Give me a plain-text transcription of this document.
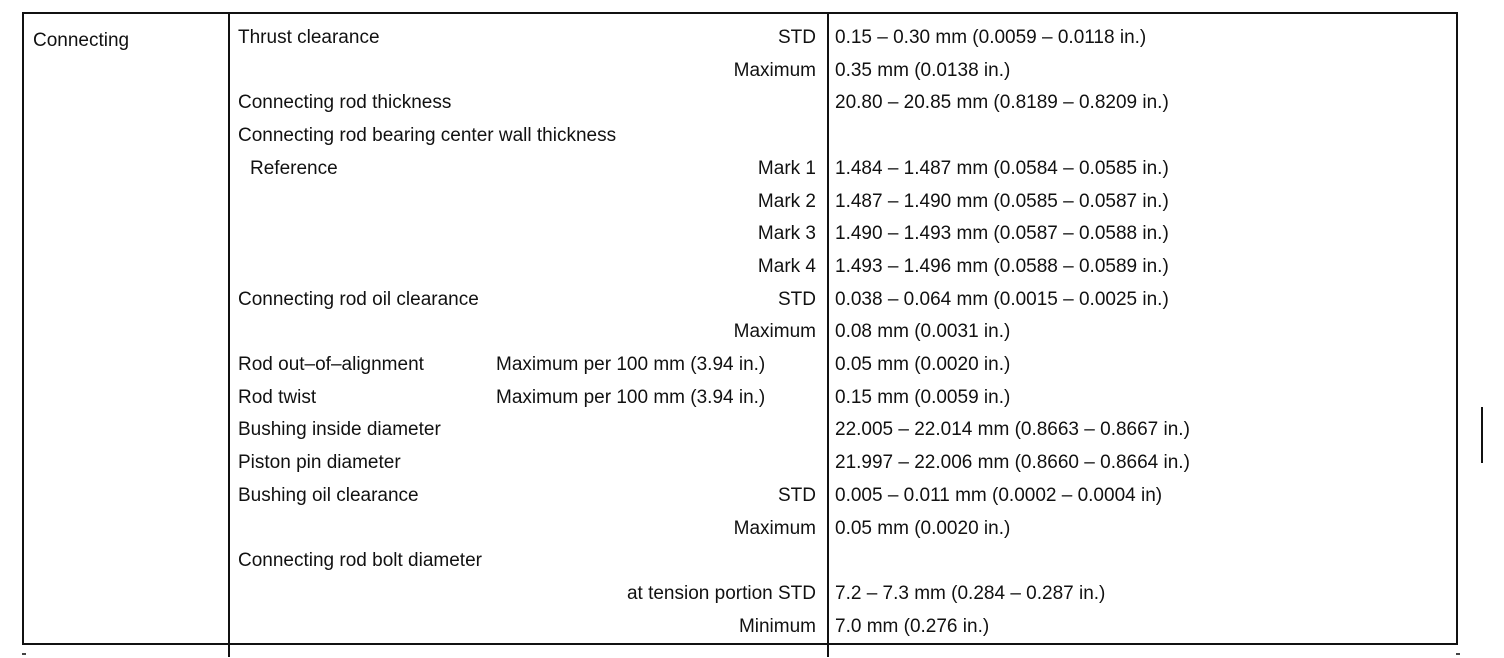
Connecting	Thrust clearance	STD 0.15 – 0.30 mm (0.0059 – 0.0118 in.)
Maximum 0.35 mm (0.0138 in.)
Connecting rod thickness	20.80 – 20.85 mm (0.8189 – 0.8209 in.)
Connecting rod bearing center wall thickness
Reference	Mark 1 1.484 – 1.487 mm (0.0584 – 0.0585 in.)
Mark 2 1.487 – 1.490 mm (0.0585 – 0.0587 in.)
Mark 3 1.490 – 1.493 mm (0.0587 – 0.0588 in.)
Mark 4 1.493 – 1.496 mm (0.0588 – 0.0589 in.)
Connecting rod oil clearance	STD 0.038 – 0.064 mm (0.0015 – 0.0025 in.)
Maximum 0.08 mm (0.0031 in.)
Rod out–of–alignment	Maximum per 100 mm (3.94 in.)	0.05 mm (0.0020 in.)
Rod twist	Maximum per 100 mm (3.94 in.)	0.15 mm (0.0059 in.)
Bushing inside diameter	22.005 – 22.014 mm (0.8663 – 0.8667 in.)
Piston pin diameter	21.997 – 22.006 mm (0.8660 – 0.8664 in.)
Bushing oil clearance	STD 0.005 – 0.011 mm (0.0002 – 0.0004 in)
Maximum 0.05 mm (0.0020 in.)
Connecting rod bolt diameter
at tension portion STD 7.2 – 7.3 mm (0.284 – 0.287 in.)
Minimum 7.0 mm (0.276 in.)
